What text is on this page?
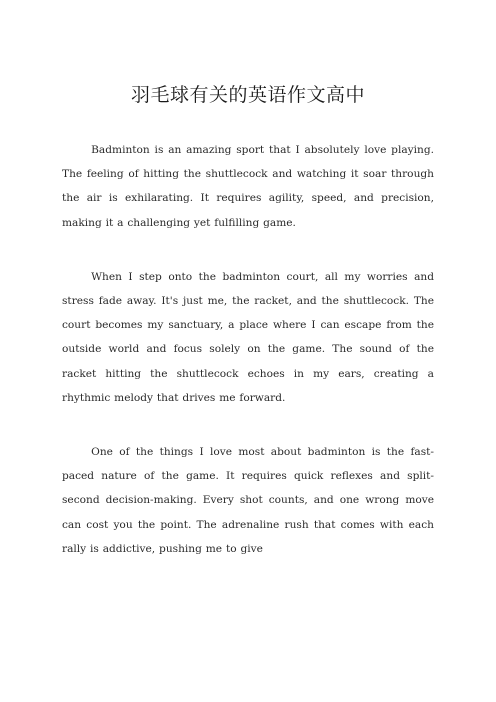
羽毛球有关的英语作文高中

Badminton is an amazing sport that I absolutely love playing. The feeling of hitting the shuttlecock and watching it soar through the air is exhilarating. It requires agility, speed, and precision, making it a challenging yet fulfilling game.

When I step onto the badminton court, all my worries and stress fade away. It's just me, the racket, and the shuttlecock. The court becomes my sanctuary, a place where I can escape from the outside world and focus solely on the game. The sound of the racket hitting the shuttlecock echoes in my ears, creating a rhythmic melody that drives me forward.

One of the things I love most about badminton is the fast-paced nature of the game. It requires quick reflexes and split-second decision-making. Every shot counts, and one wrong move can cost you the point. The adrenaline rush that comes with each rally is addictive, pushing me to give
